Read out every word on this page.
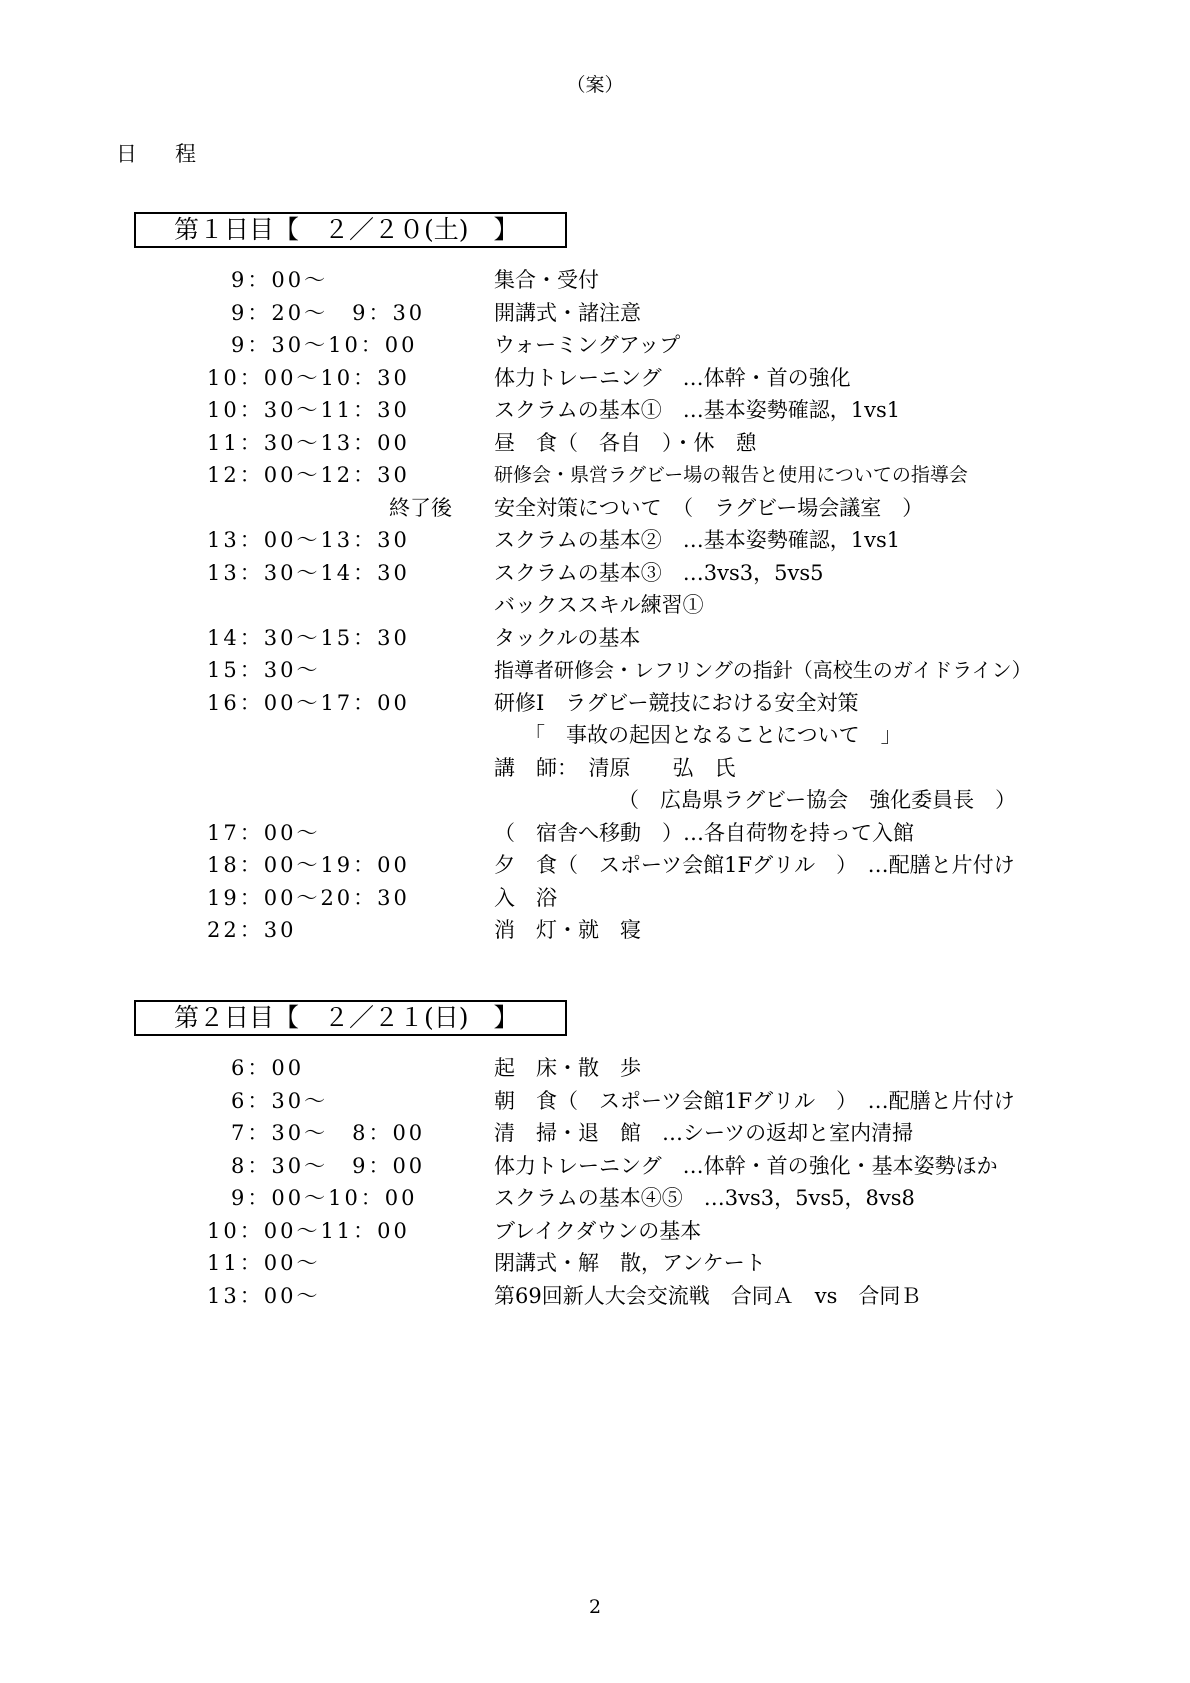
（案）
日程
第１日目【　２／２０(土)　】
　9：00～	集合・受付
　9：20～　9：30	開講式・諸注意
　9：30～10：00	ウォーミングアップ
10：00～10：30	体力トレーニング　…体幹・首の強化
10：30～11：30	スクラムの基本①　…基本姿勢確認，1vs1
11：30～13：00	昼　食（　各自　）・休　憩
12：00～12：30	研修会・県営ラグビー場の報告と使用についての指導会
終了後 安全対策について　（　ラグビー場会議室　）
13：00～13：30	スクラムの基本②　…基本姿勢確認，1vs1
13：30～14：30	スクラムの基本③　…3vs3，5vs5
バックススキル練習①
14：30～15：30	タックルの基本
15：30～	指導者研修会・レフリングの指針（高校生のガイドライン）
16：00～17：00	研修Ⅰ　ラグビー競技における安全対策
「　事故の起因となることについて　」
講　師：　清原　　弘　氏
（　広島県ラグビー協会　強化委員長　）
17：00～	（　宿舎へ移動　）…各自荷物を持って入館
18：00～19：00	夕　食（　スポーツ会館1Fグリル　）　…配膳と片付け
19：00～20：30	入　浴
22：30	消　灯・就　寝
第２日目【　２／２１(日)　】
　6：00	起　床・散　歩
　6：30～	朝　食（　スポーツ会館1Fグリル　）　…配膳と片付け
　7：30～　8：00	清　掃・退　館　…シーツの返却と室内清掃
　8：30～　9：00	体力トレーニング　…体幹・首の強化・基本姿勢ほか
　9：00～10：00	スクラムの基本④⑤　…3vs3，5vs5，8vs8
10：00～11：00	ブレイクダウンの基本
11：00～	閉講式・解　散，アンケート
13：00～	第69回新人大会交流戦　合同Ａ　vs　合同Ｂ
2
